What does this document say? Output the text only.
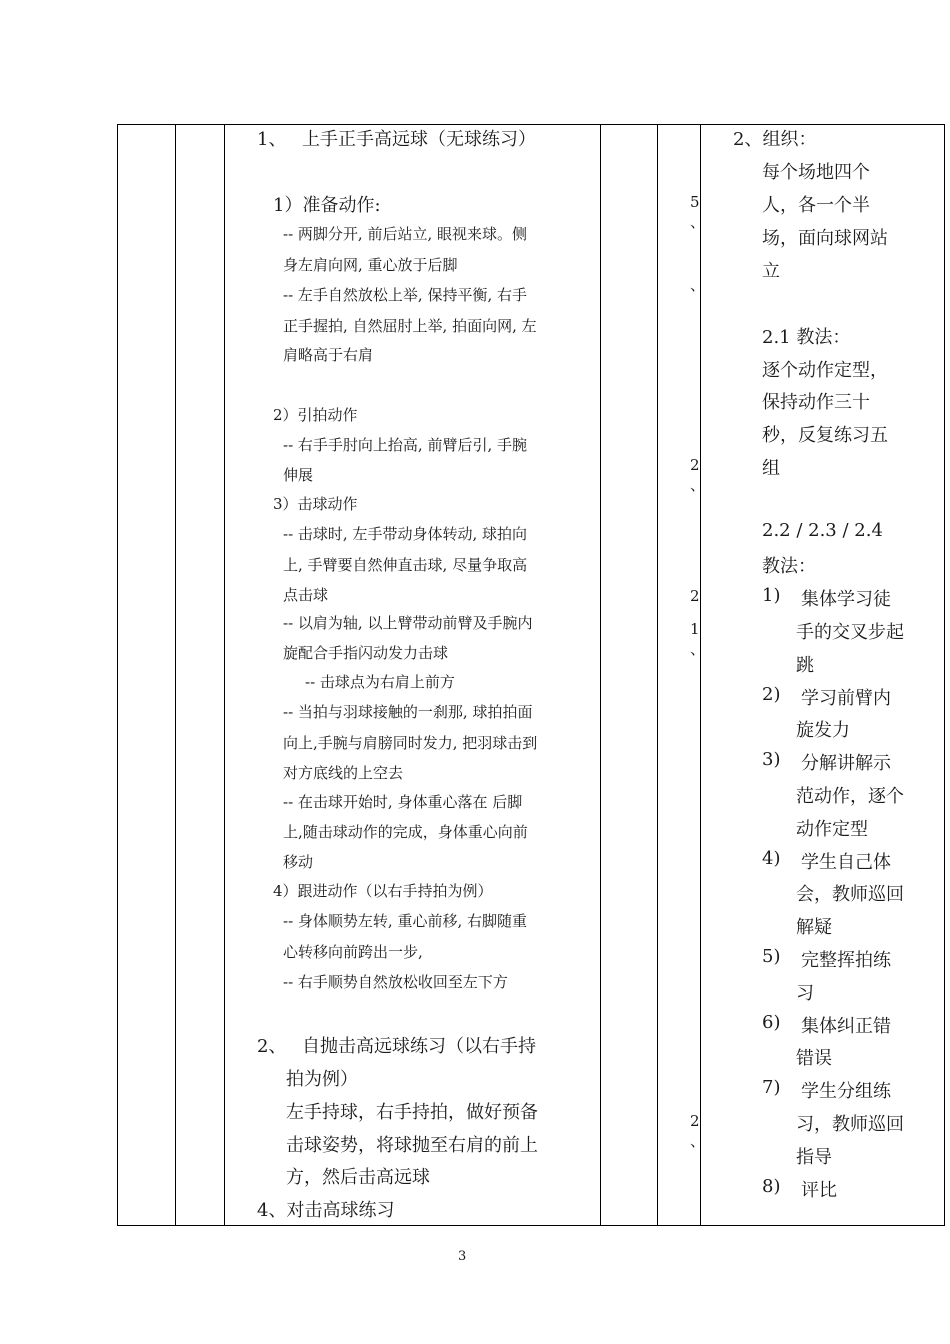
1、 上手正手高远球（无球练习）
1）准备动作:
-- 两脚分开, 前后站立, 眼视来球。侧
身左肩向网, 重心放于后脚
-- 左手自然放松上举, 保持平衡, 右手
正手握拍, 自然屈肘上举, 拍面向网, 左
肩略高于右肩
2）引拍动作
-- 右手手肘向上抬高, 前臂后引, 手腕
伸展
3）击球动作
-- 击球时, 左手带动身体转动, 球拍向
上, 手臂要自然伸直击球, 尽量争取高
点击球
-- 以肩为轴, 以上臂带动前臂及手腕内
旋配合手指闪动发力击球
-- 击球点为右肩上前方
-- 当拍与羽球接触的一刹那, 球拍拍面
向上,手腕与肩膀同时发力, 把羽球击到
对方底线的上空去
-- 在击球开始时, 身体重心落在 后脚
上,随击球动作的完成，身体重心向前
移动
4）跟进动作（以右手持拍为例）
-- 身体顺势左转, 重心前移, 右脚随重
心转移向前跨出一步,
-- 右手顺势自然放松收回至左下方
2、 自抛击高远球练习（以右手持
拍为例）
左手持球，右手持拍，做好预备
击球姿势，将球抛至右肩的前上
方，然后击高远球
4、对击高球练习
5
、
、
2
、
2
1
、
2
、
2、组织：
每个场地四个
人，各一个半
场，面向球网站
立
2.1 教法：
逐个动作定型，
保持动作三十
秒，反复练习五
组
2.2 / 2.3 / 2.4
教法：
1) 集体学习徒
手的交叉步起
跳
2) 学习前臂内
旋发力
3) 分解讲解示
范动作，逐个
动作定型
4) 学生自己体
会，教师巡回
解疑
5) 完整挥拍练
习
6) 集体纠正错
错误
7) 学生分组练
习，教师巡回
指导
8) 评比
3
